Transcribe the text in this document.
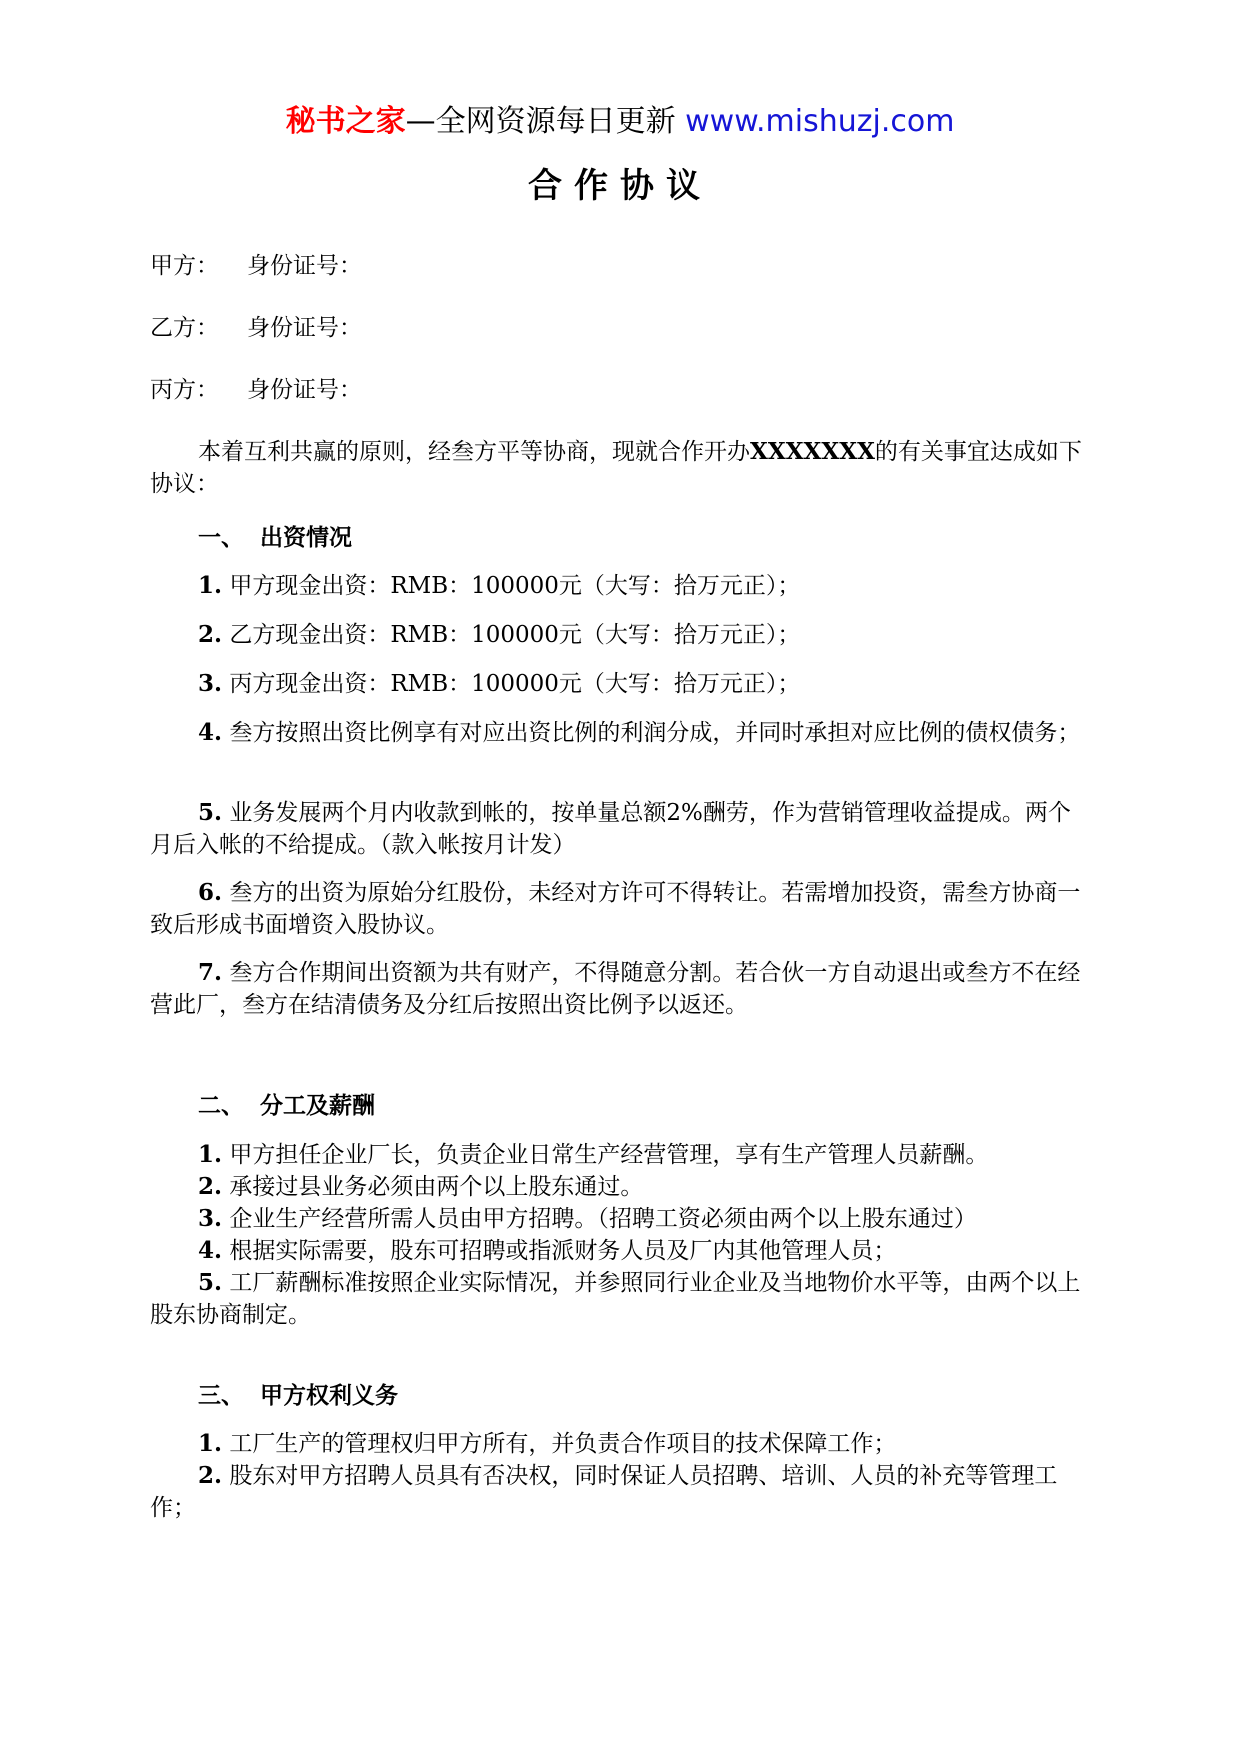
秘书之家—全网资源每日更新 www.mishuzj.com
合作协议
甲方： 身份证号：
乙方： 身份证号：
丙方： 身份证号：
本着互利共赢的原则，经叁方平等协商，现就合作开办XXXXXXX的有关事宜达成如下协议：
一、 出资情况
1. 甲方现金出资：RMB：100000元（大写：拾万元正）；
2. 乙方现金出资：RMB：100000元（大写：拾万元正）；
3. 丙方现金出资：RMB：100000元（大写：拾万元正）；
4. 叁方按照出资比例享有对应出资比例的利润分成，并同时承担对应比例的债权债务；
5. 业务发展两个月内收款到帐的，按单量总额2%酬劳，作为营销管理收益提成。两个月后入帐的不给提成。（款入帐按月计发）
6. 叁方的出资为原始分红股份，未经对方许可不得转让。若需增加投资，需叁方协商一致后形成书面增资入股协议。
7. 叁方合作期间出资额为共有财产，不得随意分割。若合伙一方自动退出或叁方不在经营此厂，叁方在结清债务及分红后按照出资比例予以返还。
二、 分工及薪酬
1. 甲方担任企业厂长，负责企业日常生产经营管理，享有生产管理人员薪酬。
2. 承接过县业务必须由两个以上股东通过。
3. 企业生产经营所需人员由甲方招聘。（招聘工资必须由两个以上股东通过）
4. 根据实际需要，股东可招聘或指派财务人员及厂内其他管理人员；
5. 工厂薪酬标准按照企业实际情况，并参照同行业企业及当地物价水平等，由两个以上股东协商制定。
三、 甲方权利义务
1. 工厂生产的管理权归甲方所有，并负责合作项目的技术保障工作；
2. 股东对甲方招聘人员具有否决权，同时保证人员招聘、培训、人员的补充等管理工作；
